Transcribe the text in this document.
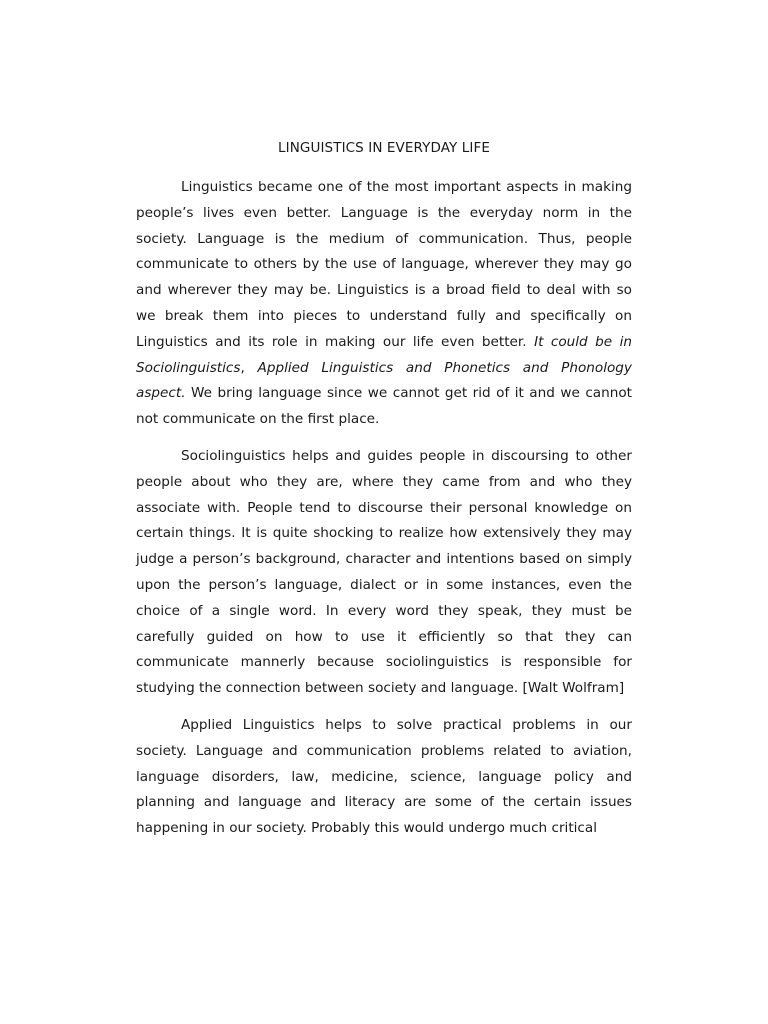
LINGUISTICS IN EVERYDAY LIFE

Linguistics became one of the most important aspects in making people’s lives even better. Language is the everyday norm in the society. Language is the medium of communication. Thus, people communicate to others by the use of language, wherever they may go and wherever they may be. Linguistics is a broad field to deal with so we break them into pieces to understand fully and specifically on Linguistics and its role in making our life even better. It could be in Sociolinguistics, Applied Linguistics and Phonetics and Phonology aspect. We bring language since we cannot get rid of it and we cannot not communicate on the first place.

Sociolinguistics helps and guides people in discoursing to other people about who they are, where they came from and who they associate with. People tend to discourse their personal knowledge on certain things. It is quite shocking to realize how extensively they may judge a person’s background, character and intentions based on simply upon the person’s language, dialect or in some instances, even the choice of a single word. In every word they speak, they must be carefully guided on how to use it efficiently so that they can communicate mannerly because sociolinguistics is responsible for studying the connection between society and language. [Walt Wolfram]

Applied Linguistics helps to solve practical problems in our society. Language and communication problems related to aviation, language disorders, law, medicine, science, language policy and planning and language and literacy are some of the certain issues happening in our society. Probably this would undergo much critical
